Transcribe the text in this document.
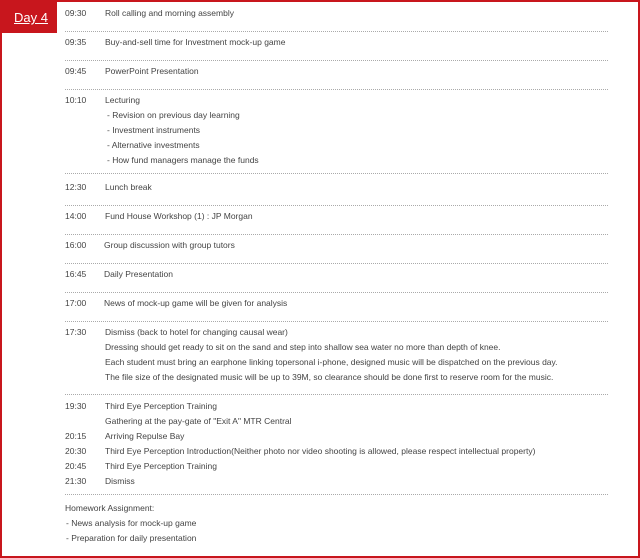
Day 4 09:30 Roll calling and morning assembly
09:35 Buy-and-sell time for Investment mock-up game
09:45 PowerPoint Presentation
10:10 Lecturing
- Revision on previous day learning
- Investment instruments
- Alternative investments
- How fund managers manage the funds
12:30 Lunch break
14:00 Fund House Workshop (1) : JP Morgan
16:00 Group discussion with group tutors
16:45 Daily Presentation
17:00 News of mock-up game will be given for analysis
17:30 Dismiss (back to hotel for changing causal wear)
Dressing should get ready to sit on the sand and step into shallow sea water no more than depth of knee.
Each student must bring an earphone linking topersonal i-phone, designed music will be dispatched on the previous day.
The file size of the designated music will be up to 39M, so clearance should be done first to reserve room for the music.
19:30 Third Eye Perception Training
Gathering at the pay-gate of "Exit A" MTR Central
20:15 Arriving Repulse Bay
20:30 Third Eye Perception Introduction(Neither photo nor video shooting is allowed, please respect intellectual property)
20:45 Third Eye Perception Training
21:30 Dismiss
Homework Assignment:
- News analysis for mock-up game
- Preparation for daily presentation
